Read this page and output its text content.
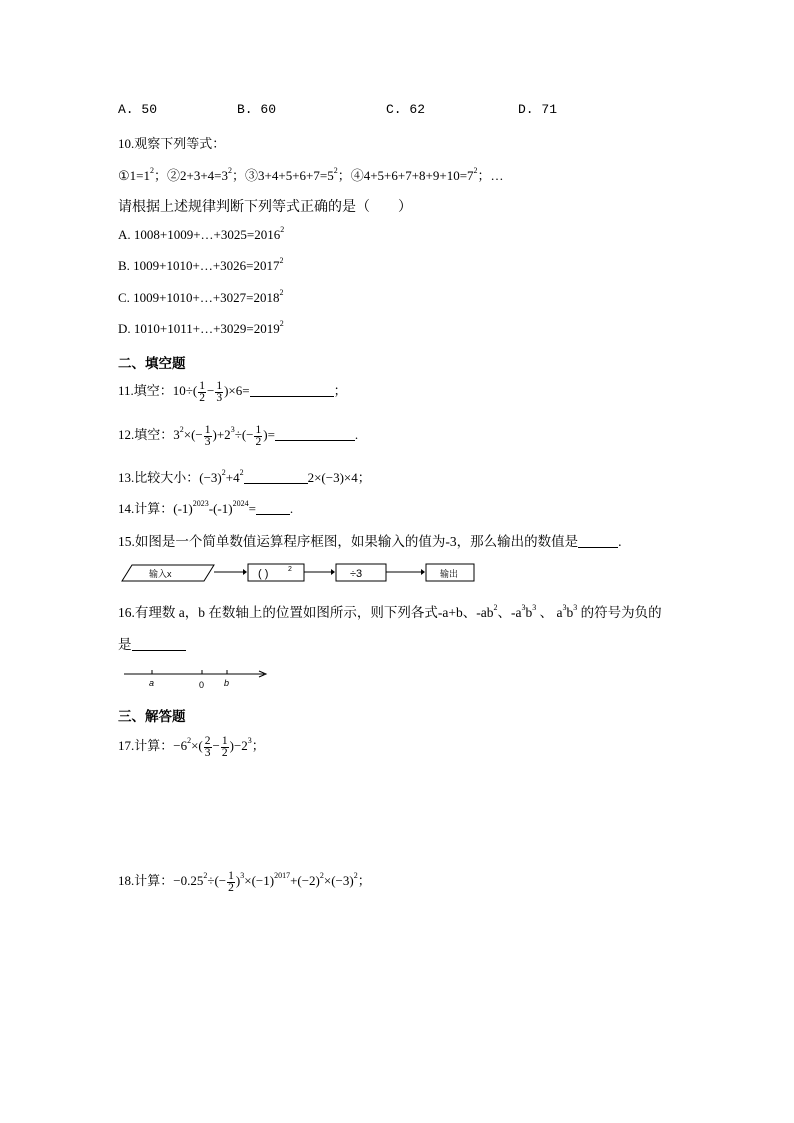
A. 50	B. 60	C. 62	D. 71
10.观察下列等式：
$①1=1^2$；$②2+3+4=3^2$；$③3+4+5+6+7=5^2$；$④4+5+6+7+8+9+10=7^2$；…
请根据上述规律判断下列等式正确的是（　　）
A. $1008+1009+\dots+3025=2016^2$
B. $1009+1010+\dots+3026=2017^2$
C. $1009+1010+\dots+3027=2018^2$
D. $1010+1011+\dots+3029=2019^2$
二、填空题
11.填空：$10\div( \frac{1}{2} - \frac{1}{3} )\times 6=$	；
12.填空：$3^2\times(- \frac{1}{3} )+2^3\div(- \frac{1}{2}$ )=	.
13.比较大小：$(-3)^2+4^2$	2×(−3)×4；
14.计算：$(-1)^{2023}-(-1)^{2024}=$	.
15.如图是一个简单数值运算程序框图，如果输入的值为-3，那么输出的数值是	.
输入x	( )	2	÷3	输出
16.有理数 a，b 在数轴上的位置如图所示，则下列各式-a+b、$-ab^2$、$-a^3b^3$ 、 $a^3b^3$ 的符号为负的
是
a	0 b
三、解答题
17.计算：$-6^2\times( \frac{2}{3} - \frac{1}{2} )-2^3$；
18.计算：$-0.25^2\div(- \frac{1}{2} )^3\times(-1)^{2017}+(-2)^2\times(-3)^2$；
